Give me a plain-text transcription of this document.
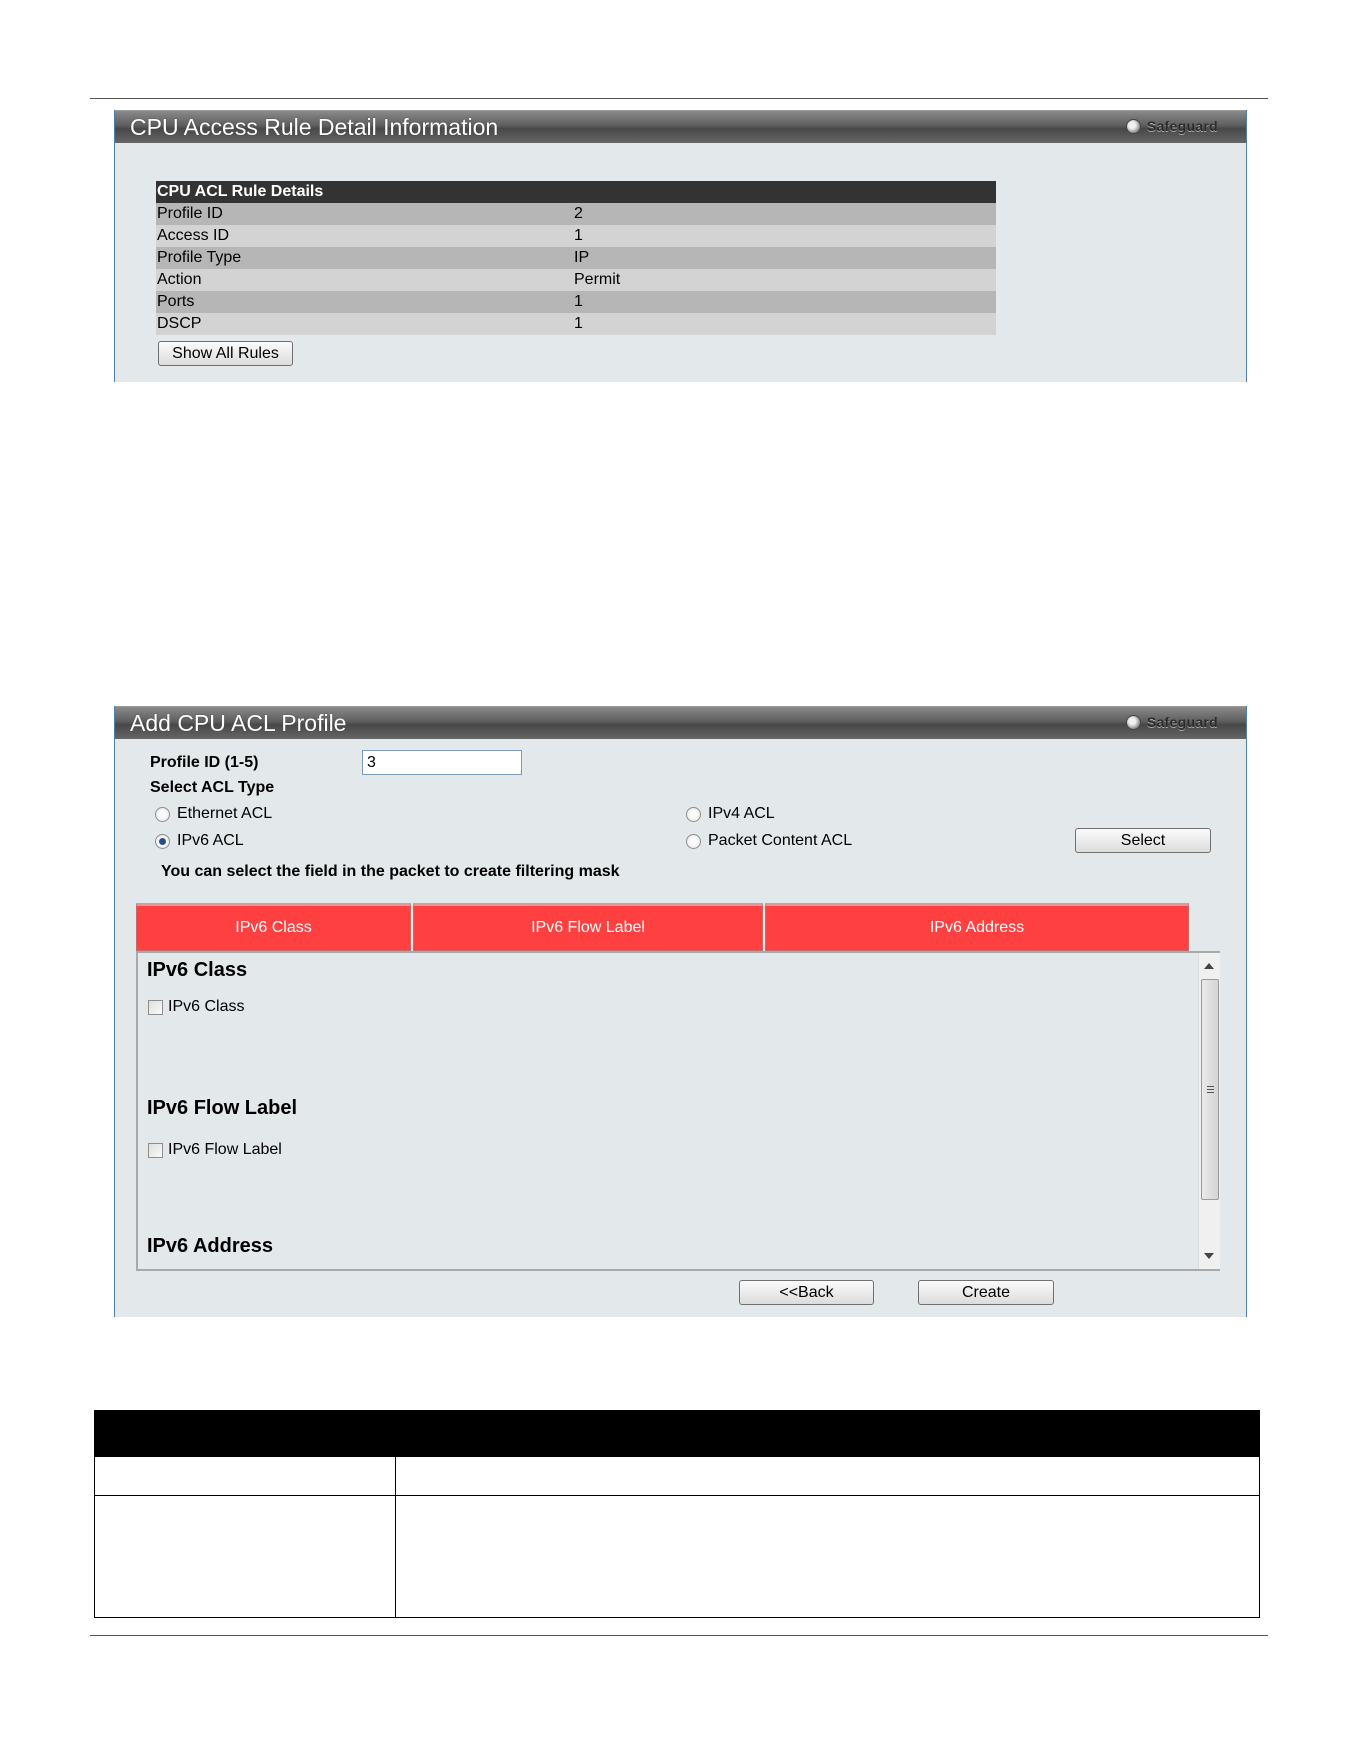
CPU Access Rule Detail Information	Safeguard
CPU ACL Rule Details	
Profile ID	2
Access ID	1
Profile Type	IP
Action	Permit
Ports	1
DSCP	1
Show All Rules
Add CPU ACL Profile	Safeguard
Profile ID (1-5)
3
Select ACL Type
Ethernet ACL	IPv4 ACL
IPv6 ACL	Packet Content ACL	Select
You can select the field in the packet to create filtering mask
IPv6 Class	IPv6 Flow Label	IPv6 Address
IPv6 Class
IPv6 Class
IPv6 Flow Label
IPv6 Flow Label
IPv6 Address
<<Back	Create
